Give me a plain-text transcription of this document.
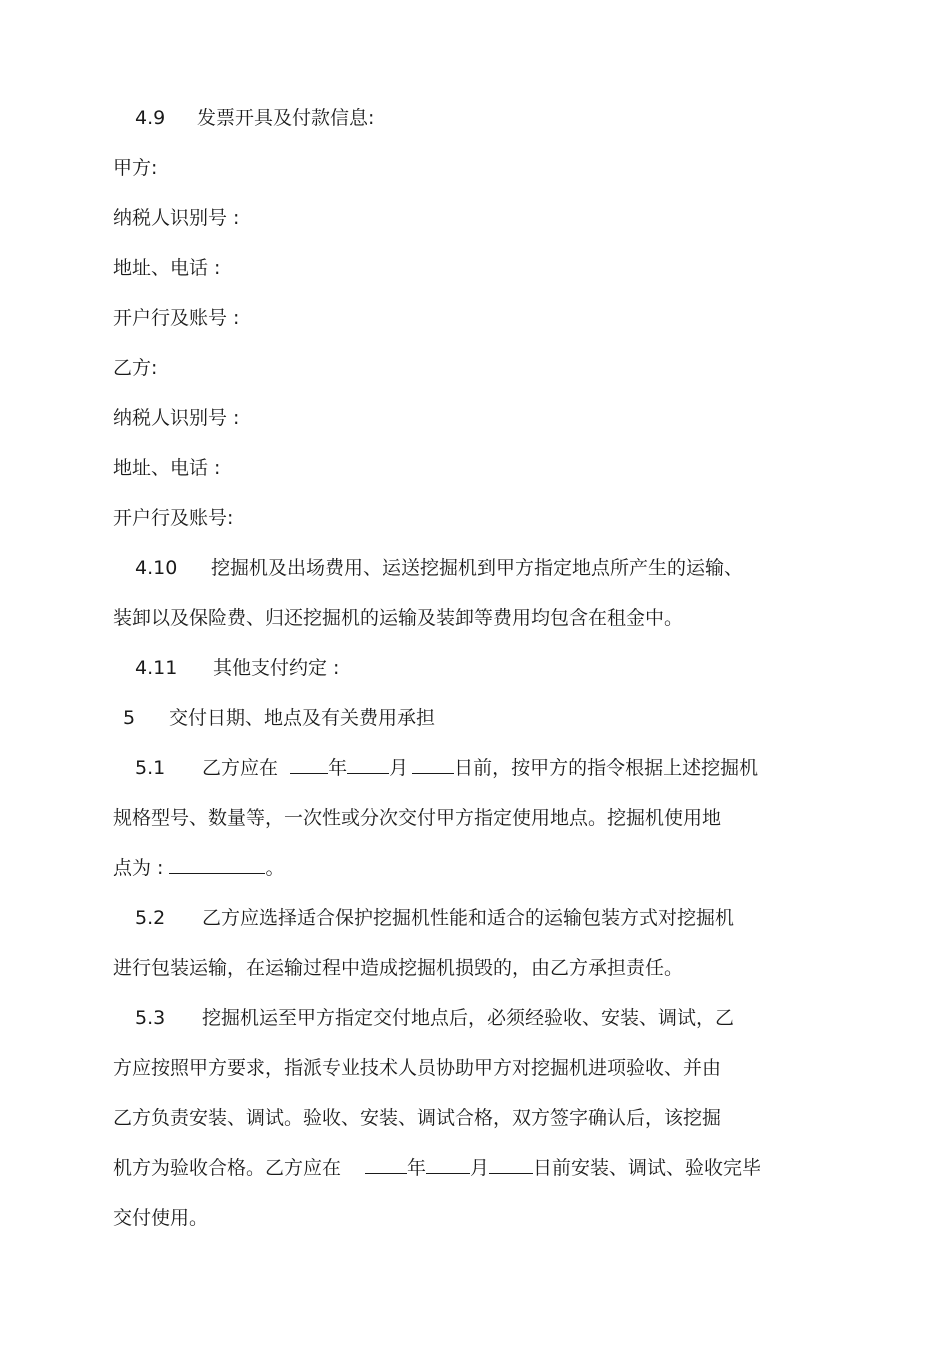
4.9 发票开具及付款信息:
甲方:
纳税人识别号 :
地址、电话 :
开户行及账号 :
乙方:
纳税人识别号 :
地址、电话 :
开户行及账号:
4.10 挖掘机及出场费用、运送挖掘机到甲方指定地点所产生的运输、
装卸以及保险费、归还挖掘机的运输及装卸等费用均包含在租金中。
4.11 其他支付约定 :
5 交付日期、地点及有关费用承担
5.1 乙方应在	年 月 日前，按甲方的指令根据上述挖掘机
规格型号、数量等，一次性或分次交付甲方指定使用地点。挖掘机使用地
点为 :	。
5.2 乙方应选择适合保护挖掘机性能和适合的运输包装方式对挖掘机
进行包装运输，在运输过程中造成挖掘机损毁的，由乙方承担责任。
5.3 挖掘机运至甲方指定交付地点后，必须经验收、安装、调试，乙
方应按照甲方要求，指派专业技术人员协助甲方对挖掘机进项验收、并由
乙方负责安装、调试。验收、安装、调试合格，双方签字确认后，该挖掘
机方为验收合格。乙方应在	年 月 日前安装、调试、验收完毕
交付使用。
